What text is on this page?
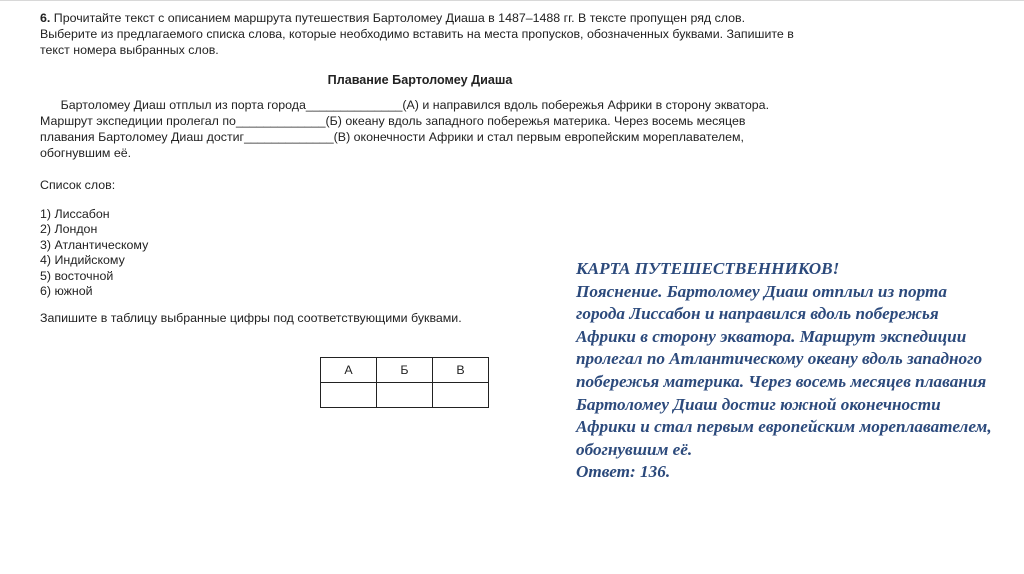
6. Прочитайте текст с описанием маршрута путешествия Бартоломеу Диаша в 1487–1488 гг. В тексте пропущен ряд слов. Выберите из предлагаемого списка слова, которые необходимо вставить на места пропусков, обозначенных буквами. Запишите в текст номера выбранных слов.

Плавание Бартоломеу Диаша

Бартоломеу Диаш отплыл из порта города______________(А) и направился вдоль побережья Африки в сторону экватора. Маршрут экспедиции пролегал по_____________(Б) океану вдоль западного побережья материка. Через восемь месяцев плавания Бартоломеу Диаш достиг_____________(В) оконечности Африки и стал первым европейским мореплавателем, обогнувшим её.

Список слов:

1) Лиссабон
2) Лондон
3) Атлантическому
4) Индийскому
5) восточной
6) южной

Запишите в таблицу выбранные цифры под соответствующими буквами.

А	Б	В

КАРТА ПУТЕШЕСТВЕННИКОВ!

Пояснение. Бартоломеу Диаш отплыл из порта города Лиссабон и направился вдоль побережья Африки в сторону экватора. Маршрут экспедиции пролегал по Атлантическому океану вдоль западного побережья материка. Через восемь месяцев плавания Бартоломеу Диаш достиг южной оконечности Африки и стал первым европейским мореплавателем, обогнувшим её.

Ответ: 136.
